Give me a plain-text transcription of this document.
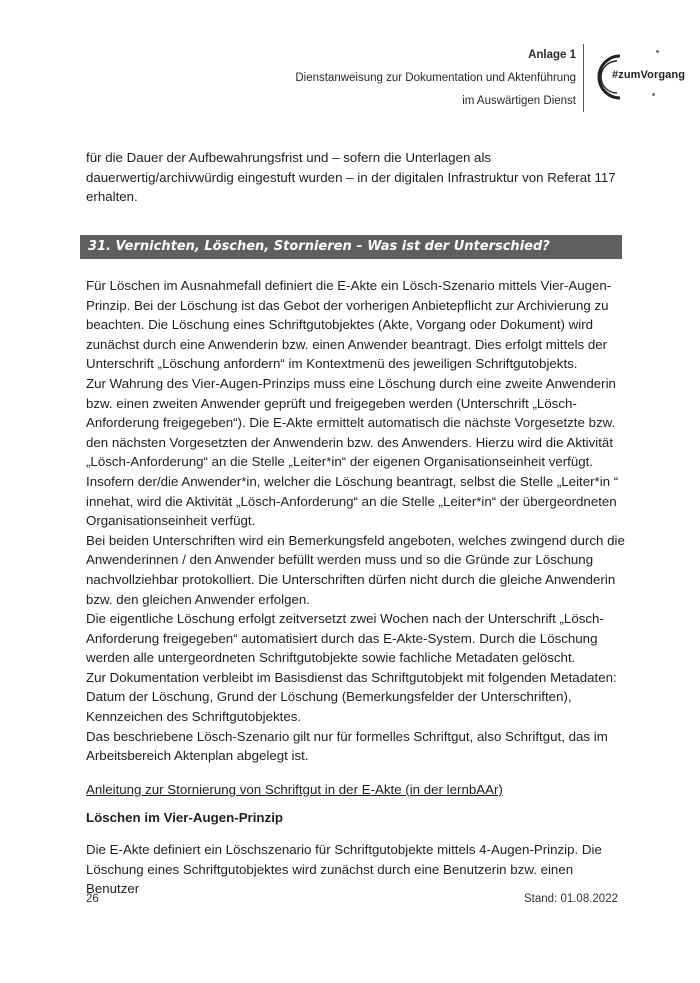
Anlage 1
Dienstanweisung zur Dokumentation und Aktenführung
im Auswärtigen Dienst
#zumVorgang
für die Dauer der Aufbewahrungsfrist und – sofern die Unterlagen als dauerwertig/archivwürdig eingestuft wurden – in der digitalen Infrastruktur von Referat 117 erhalten.
31. Vernichten, Löschen, Stornieren – Was ist der Unterschied?

Für Löschen im Ausnahmefall definiert die E-Akte ein Lösch-Szenario mittels Vier-Augen-Prinzip. Bei der Löschung ist das Gebot der vorherigen Anbietepflicht zur Archivierung zu beachten. Die Löschung eines Schriftgutobjektes (Akte, Vorgang oder Dokument) wird zunächst durch eine Anwenderin bzw. einen Anwender beantragt. Dies erfolgt mittels der Unterschrift „Löschung anfordern“ im Kontextmenü des jeweiligen Schriftgutobjekts.

Zur Wahrung des Vier-Augen-Prinzips muss eine Löschung durch eine zweite Anwenderin bzw. einen zweiten Anwender geprüft und freigegeben werden (Unterschrift „Lösch-Anforderung freigegeben“). Die E-Akte ermittelt automatisch die nächste Vorgesetzte bzw. den nächsten Vorgesetzten der Anwenderin bzw. des Anwenders. Hierzu wird die Aktivität „Lösch-Anforderung“ an die Stelle „Leiter*in“ der eigenen Organisationseinheit verfügt.

Insofern der/die Anwender*in, welcher die Löschung beantragt, selbst die Stelle „Leiter*in “ innehat, wird die Aktivität „Lösch-Anforderung“ an die Stelle „Leiter*in“ der übergeordneten Organisationseinheit verfügt.

Bei beiden Unterschriften wird ein Bemerkungsfeld angeboten, welches zwingend durch die Anwenderinnen / den Anwender befüllt werden muss und so die Gründe zur Löschung nachvollziehbar protokolliert. Die Unterschriften dürfen nicht durch die gleiche Anwenderin bzw. den gleichen Anwender erfolgen.

Die eigentliche Löschung erfolgt zeitversetzt zwei Wochen nach der Unterschrift „Lösch-Anforderung freigegeben“ automatisiert durch das E-Akte-System. Durch die Löschung werden alle untergeordneten Schriftgutobjekte sowie fachliche Metadaten gelöscht.

Zur Dokumentation verbleibt im Basisdienst das Schriftgutobjekt mit folgenden Metadaten: Datum der Löschung, Grund der Löschung (Bemerkungsfelder der Unterschriften), Kennzeichen des Schriftgutobjektes.

Das beschriebene Lösch-Szenario gilt nur für formelles Schriftgut, also Schriftgut, das im Arbeitsbereich Aktenplan abgelegt ist.

Anleitung zur Stornierung von Schriftgut in der E-Akte (in der lernbAAr)
Löschen im Vier-Augen-Prinzip
Die E-Akte definiert ein Löschszenario für Schriftgutobjekte mittels 4-Augen-Prinzip. Die Löschung eines Schriftgutobjektes wird zunächst durch eine Benutzerin bzw. einen Benutzer
26	Stand: 01.08.2022
